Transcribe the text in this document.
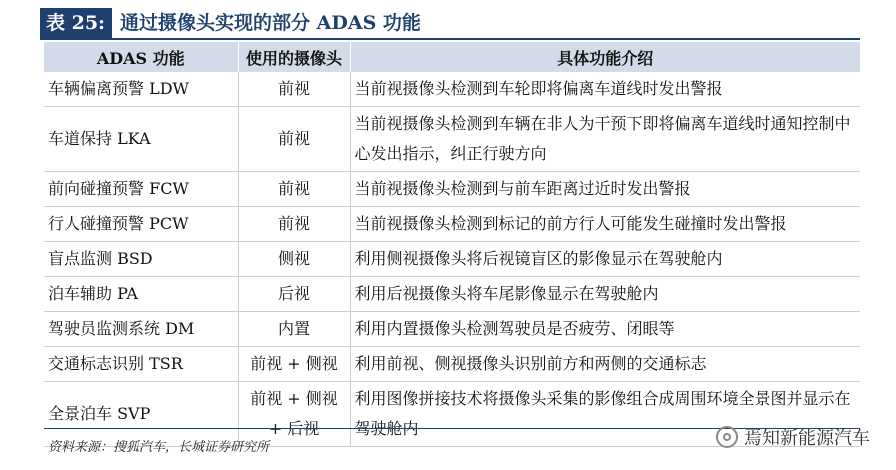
表 25: 通过摄像头实现的部分 ADAS 功能
ADAS 功能	使用的摄像头	具体功能介绍
车辆偏离预警 LDW	前视	当前视摄像头检测到车轮即将偏离车道线时发出警报
车道保持 LKA	前视	当前视摄像头检测到车辆在非人为干预下即将偏离车道线时通知控制中心发出指示，纠正行驶方向
前向碰撞预警 FCW	前视	当前视摄像头检测到与前车距离过近时发出警报
行人碰撞预警 PCW	前视	当前视摄像头检测到标记的前方行人可能发生碰撞时发出警报
盲点监测 BSD	侧视	利用侧视摄像头将后视镜盲区的影像显示在驾驶舱内
泊车辅助 PA	后视	利用后视摄像头将车尾影像显示在驾驶舱内
驾驶员监测系统 DM	内置	利用内置摄像头检测驾驶员是否疲劳、闭眼等
交通标志识别 TSR	前视 + 侧视	利用前视、侧视摄像头识别前方和两侧的交通标志
全景泊车 SVP	前视 + 侧视 + 后视	利用图像拼接技术将摄像头采集的影像组合成周围环境全景图并显示在驾驶舱内
资料来源：搜狐汽车，长城证券研究所	焉知新能源汽车
